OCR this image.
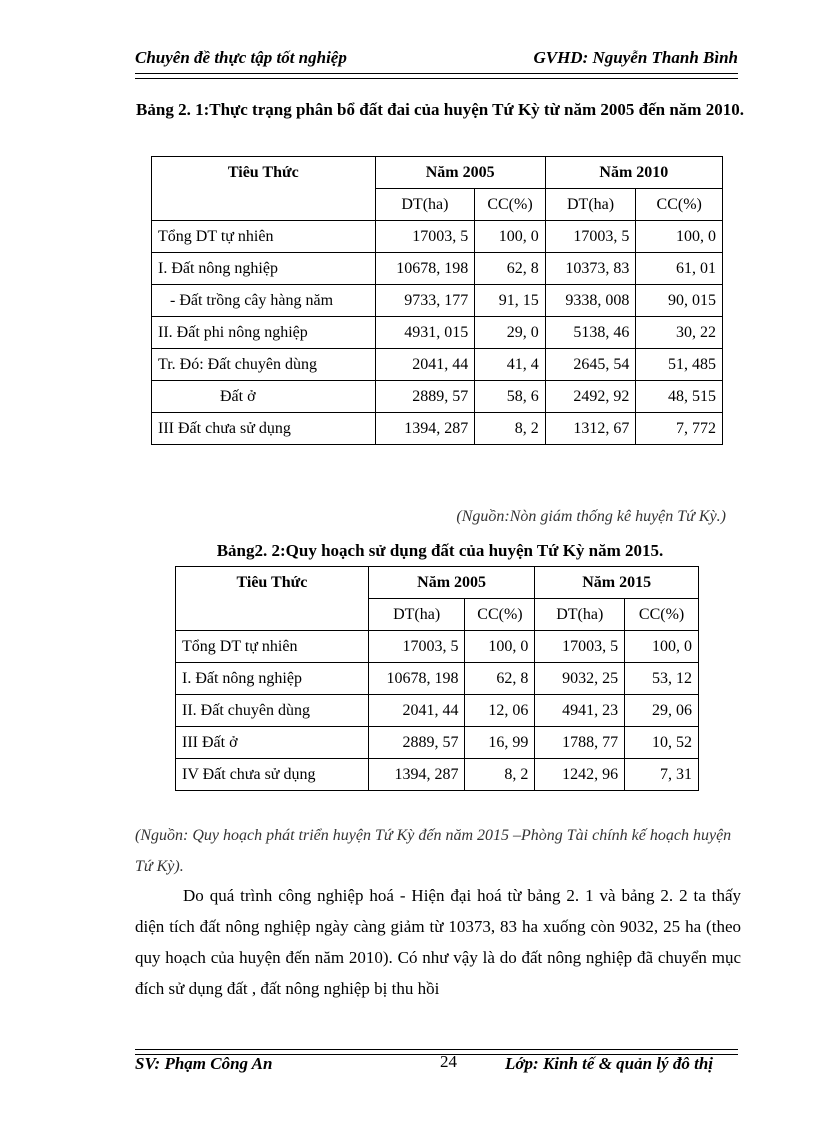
Chuyên đề thực tập tốt nghiệp	GVHD: Nguyễn Thanh Bình
Bảng 2. 1:Thực trạng phân bổ đất đai của huyện Tứ Kỳ từ năm 2005 đến năm 2010.
Tiêu Thức	Năm 2005		Năm 2010	
	DT(ha)	CC(%)	DT(ha)	CC(%)
Tổng DT tự nhiên	17003, 5	100, 0	17003, 5	100, 0
I. Đất nông nghiệp	10678, 198	62, 8	10373, 83	61, 01
- Đất trồng cây hàng năm	9733, 177	91, 15	9338, 008	90, 015
II. Đất phi nông nghiệp	4931, 015	29, 0	5138, 46	30, 22
Tr. Đó: Đất chuyên dùng	2041, 44	41, 4	2645, 54	51, 485
Đất ở	2889, 57	58, 6	2492, 92	48, 515
III Đất chưa sử dụng	1394, 287	8, 2	1312, 67	7, 772
(Nguồn:Nòn giám thống kê huyện Tứ Kỳ.)
Bảng2. 2:Quy hoạch sử dụng đất của huyện Tứ Kỳ năm 2015.
Tiêu Thức	Năm 2005		Năm 2015	
	DT(ha)	CC(%)	DT(ha)	CC(%)
Tổng DT tự nhiên	17003, 5	100, 0	17003, 5	100, 0
I. Đất nông nghiệp	10678, 198	62, 8	9032, 25	53, 12
II. Đất chuyên dùng	2041, 44	12, 06	4941, 23	29, 06
III Đất ở	2889, 57	16, 99	1788, 77	10, 52
IV Đất chưa sử dụng	1394, 287	8, 2	1242, 96	7, 31
(Nguồn: Quy hoạch phát triển huyện Tứ Kỳ đến năm 2015 –Phòng Tài chính kế hoạch huyện Tứ Kỳ).
Do quá trình công nghiệp hoá - Hiện đại hoá từ bảng 2. 1 và bảng 2. 2 ta thấy diện tích đất nông nghiệp ngày càng giảm từ 10373, 83 ha xuống còn 9032, 25 ha (theo quy hoạch của huyện đến năm 2010). Có như vậy là do đất nông nghiệp đã chuyển mục đích sử dụng đất , đất nông nghiệp bị thu hồi
SV: Phạm Công An	24	Lớp: Kinh tế & quản lý đô thị
